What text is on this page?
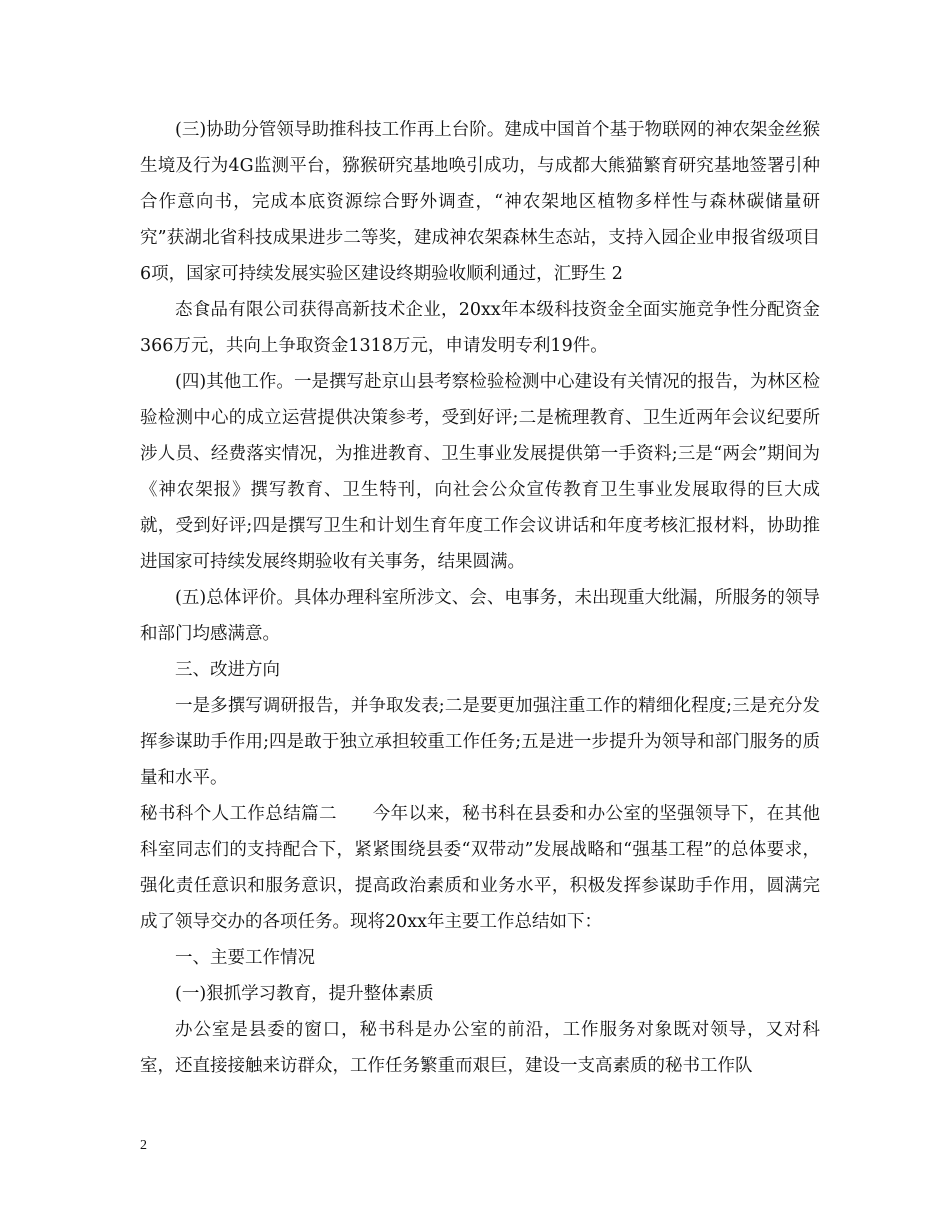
(三)协助分管领导助推科技工作再上台阶。建成中国首个基于物联网的神农架金丝猴生境及行为4G监测平台，猕猴研究基地唤引成功，与成都大熊猫繁育研究基地签署引种合作意向书，完成本底资源综合野外调查，“神农架地区植物多样性与森林碳储量研究”获湖北省科技成果进步二等奖，建成神农架森林生态站，支持入园企业申报省级项目6项，国家可持续发展实验区建设终期验收顺利通过，汇野生 2

态食品有限公司获得高新技术企业，20xx年本级科技资金全面实施竞争性分配资金366万元，共向上争取资金1318万元，申请发明专利19件。

(四)其他工作。一是撰写赴京山县考察检验检测中心建设有关情况的报告，为林区检验检测中心的成立运营提供决策参考，受到好评;二是梳理教育、卫生近两年会议纪要所涉人员、经费落实情况，为推进教育、卫生事业发展提供第一手资料;三是“两会”期间为《神农架报》撰写教育、卫生特刊，向社会公众宣传教育卫生事业发展取得的巨大成就，受到好评;四是撰写卫生和计划生育年度工作会议讲话和年度考核汇报材料，协助推进国家可持续发展终期验收有关事务，结果圆满。

(五)总体评价。具体办理科室所涉文、会、电事务，未出现重大纰漏，所服务的领导和部门均感满意。

三、改进方向

一是多撰写调研报告，并争取发表;二是要更加强注重工作的精细化程度;三是充分发挥参谋助手作用;四是敢于独立承担较重工作任务;五是进一步提升为领导和部门服务的质量和水平。

秘书科个人工作总结篇二　　今年以来，秘书科在县委和办公室的坚强领导下，在其他科室同志们的支持配合下，紧紧围绕县委“双带动”发展战略和“强基工程”的总体要求，强化责任意识和服务意识，提高政治素质和业务水平，积极发挥参谋助手作用，圆满完成了领导交办的各项任务。现将20xx年主要工作总结如下：

一、主要工作情况

(一)狠抓学习教育，提升整体素质

办公室是县委的窗口，秘书科是办公室的前沿，工作服务对象既对领导，又对科室，还直接接触来访群众，工作任务繁重而艰巨，建设一支高素质的秘书工作队

2
